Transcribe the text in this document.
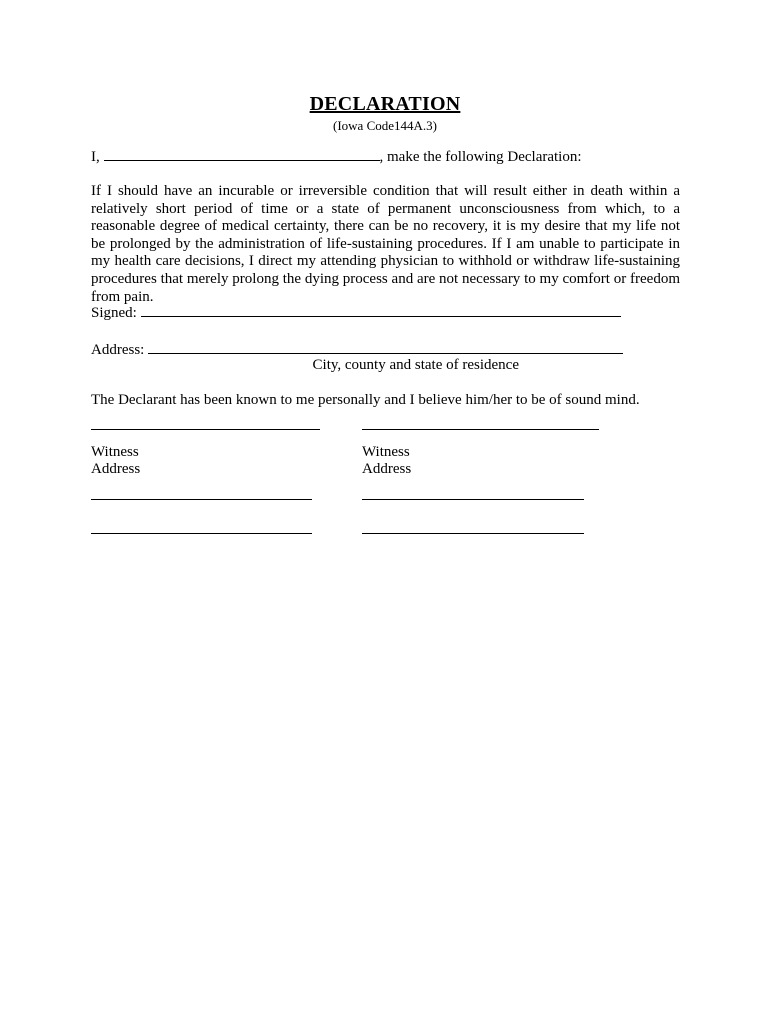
DECLARATION
(Iowa Code144A.3)
I,	, make the following Declaration:
If I should have an incurable or irreversible condition that will result either in death within a relatively short period of time or a state of permanent unconsciousness from which, to a reasonable degree of medical certainty, there can be no recovery, it is my desire that my life not be prolonged by the administration of life-sustaining procedures. If I am unable to participate in my health care decisions, I direct my attending physician to withhold or withdraw life-sustaining procedures that merely prolong the dying process and are not necessary to my comfort or freedom from pain.
Signed:
Address:
City, county and state of residence
The Declarant has been known to me personally and I believe him/her to be of sound mind.
Witness
Address
Witness
Address
